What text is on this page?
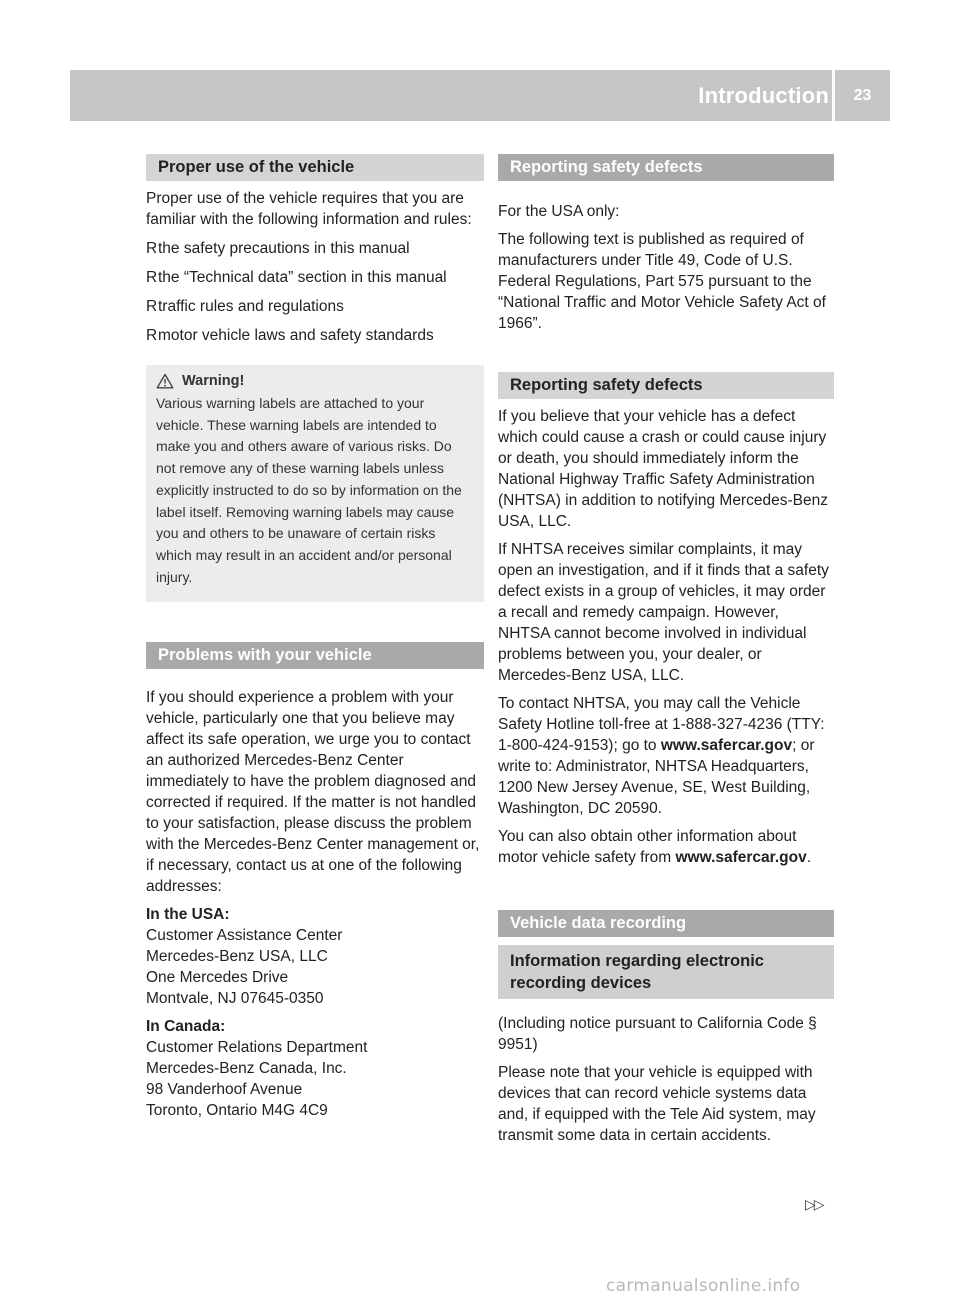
Introduction	23
Proper use of the vehicle

Proper use of the vehicle requires that you are familiar with the following information and rules:

R the safety precautions in this manual
R the “Technical data” section in this manual
R traffic rules and regulations
R motor vehicle laws and safety standards
Warning!
Various warning labels are attached to your vehicle. These warning labels are intended to make you and others aware of various risks. Do not remove any of these warning labels unless explicitly instructed to do so by information on the label itself. Removing warning labels may cause you and others to be unaware of certain risks which may result in an accident and/or personal injury.
Problems with your vehicle

If you should experience a problem with your vehicle, particularly one that you believe may affect its safe operation, we urge you to contact an authorized Mercedes-Benz Center immediately to have the problem diagnosed and corrected if required. If the matter is not handled to your satisfaction, please discuss the problem with the Mercedes-Benz Center management or, if necessary, contact us at one of the following addresses:

In the USA:
Customer Assistance Center
Mercedes-Benz USA, LLC
One Mercedes Drive
Montvale, NJ 07645-0350

In Canada:
Customer Relations Department
Mercedes-Benz Canada, Inc.
98 Vanderhoof Avenue
Toronto, Ontario M4G 4C9

Reporting safety defects

For the USA only:

The following text is published as required of manufacturers under Title 49, Code of U.S. Federal Regulations, Part 575 pursuant to the “National Traffic and Motor Vehicle Safety Act of 1966”.

Reporting safety defects

If you believe that your vehicle has a defect which could cause a crash or could cause injury or death, you should immediately inform the National Highway Traffic Safety Administration (NHTSA) in addition to notifying Mercedes-Benz USA, LLC.

If NHTSA receives similar complaints, it may open an investigation, and if it finds that a safety defect exists in a group of vehicles, it may order a recall and remedy campaign. However, NHTSA cannot become involved in individual problems between you, your dealer, or Mercedes-Benz USA, LLC.

To contact NHTSA, you may call the Vehicle Safety Hotline toll-free at 1-888-327-4236 (TTY: 1-800-424-9153); go to www.safercar.gov; or write to: Administrator, NHTSA Headquarters, 1200 New Jersey Avenue, SE, West Building, Washington, DC 20590.

You can also obtain other information about motor vehicle safety from www.safercar.gov.

Vehicle data recording
Information regarding electronic recording devices

(Including notice pursuant to California Code § 9951)

Please note that your vehicle is equipped with devices that can record vehicle systems data and, if equipped with the Tele Aid system, may transmit some data in certain accidents.

▷▷
carmanualsonline.info
